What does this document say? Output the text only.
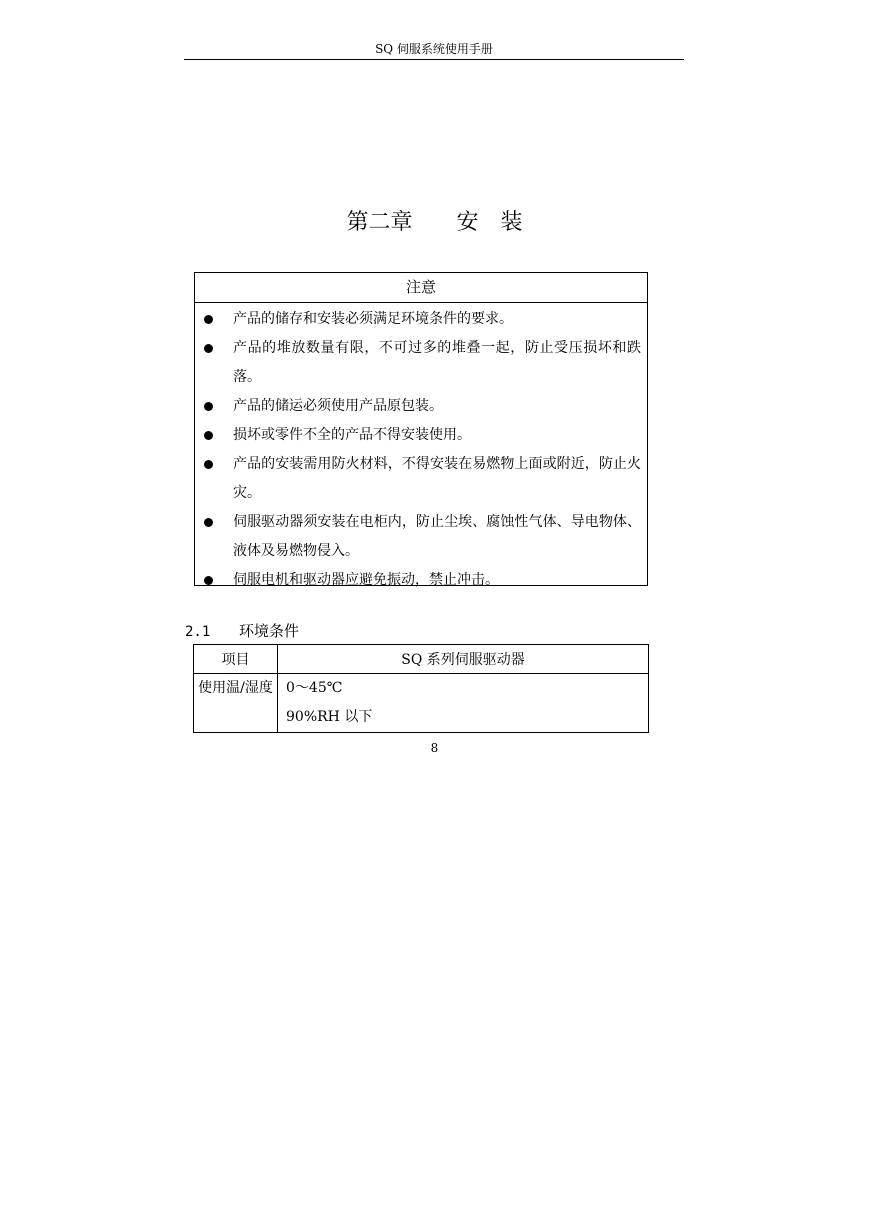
SQ 伺服系统使用手册
第二章　　安　装
注意
产品的储存和安装必须满足环境条件的要求。
产品的堆放数量有限，不可过多的堆叠一起，防止受压损坏和跌落。
产品的储运必须使用产品原包装。
损坏或零件不全的产品不得安装使用。
产品的安装需用防火材料，不得安装在易燃物上面或附近，防止火灾。
伺服驱动器须安装在电柜内，防止尘埃、腐蚀性气体、导电物体、液体及易燃物侵入。
伺服电机和驱动器应避免振动，禁止冲击。
2.1 环境条件
项目	SQ 系列伺服驱动器
使用温/湿度	0～45℃
90%RH 以下
8
